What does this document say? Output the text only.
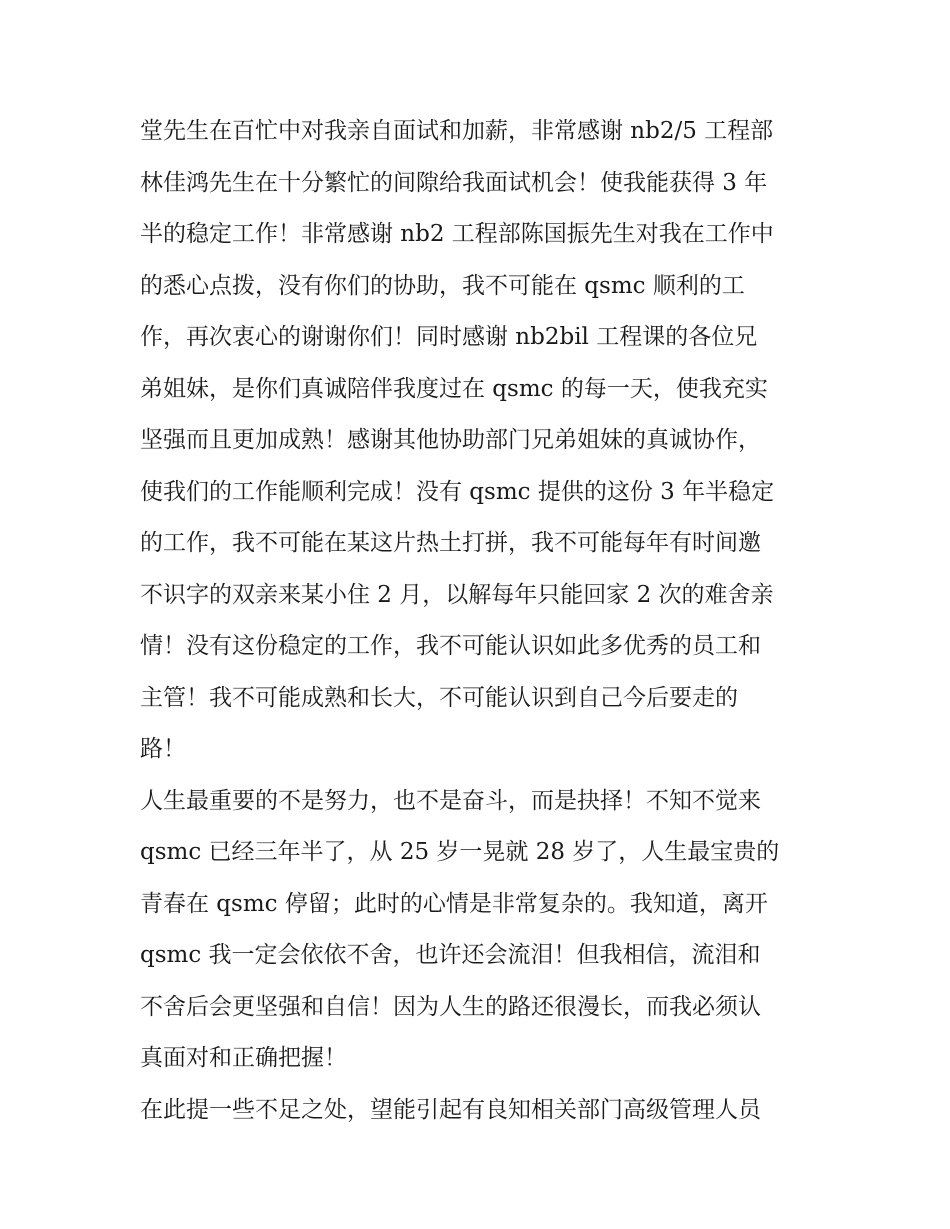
堂先生在百忙中对我亲自面试和加薪，非常感谢 nb2/5 工程部
林佳鸿先生在十分繁忙的间隙给我面试机会！使我能获得 3 年
半的稳定工作！非常感谢 nb2 工程部陈国振先生对我在工作中
的悉心点拨，没有你们的协助，我不可能在 qsmc 顺利的工
作，再次衷心的谢谢你们！同时感谢 nb2bil 工程课的各位兄
弟姐妹，是你们真诚陪伴我度过在 qsmc 的每一天，使我充实
坚强而且更加成熟！感谢其他协助部门兄弟姐妹的真诚协作，
使我们的工作能顺利完成！没有 qsmc 提供的这份 3 年半稳定
的工作，我不可能在某这片热土打拼，我不可能每年有时间邀
不识字的双亲来某小住 2 月，以解每年只能回家 2 次的难舍亲
情！没有这份稳定的工作，我不可能认识如此多优秀的员工和
主管！我不可能成熟和长大，不可能认识到自己今后要走的
路！
人生最重要的不是努力，也不是奋斗，而是抉择！不知不觉来
qsmc 已经三年半了，从 25 岁一晃就 28 岁了，人生最宝贵的
青春在 qsmc 停留；此时的心情是非常复杂的。我知道，离开
qsmc 我一定会依依不舍，也许还会流泪！但我相信，流泪和
不舍后会更坚强和自信！因为人生的路还很漫长，而我必须认
真面对和正确把握！
在此提一些不足之处，望能引起有良知相关部门高级管理人员
